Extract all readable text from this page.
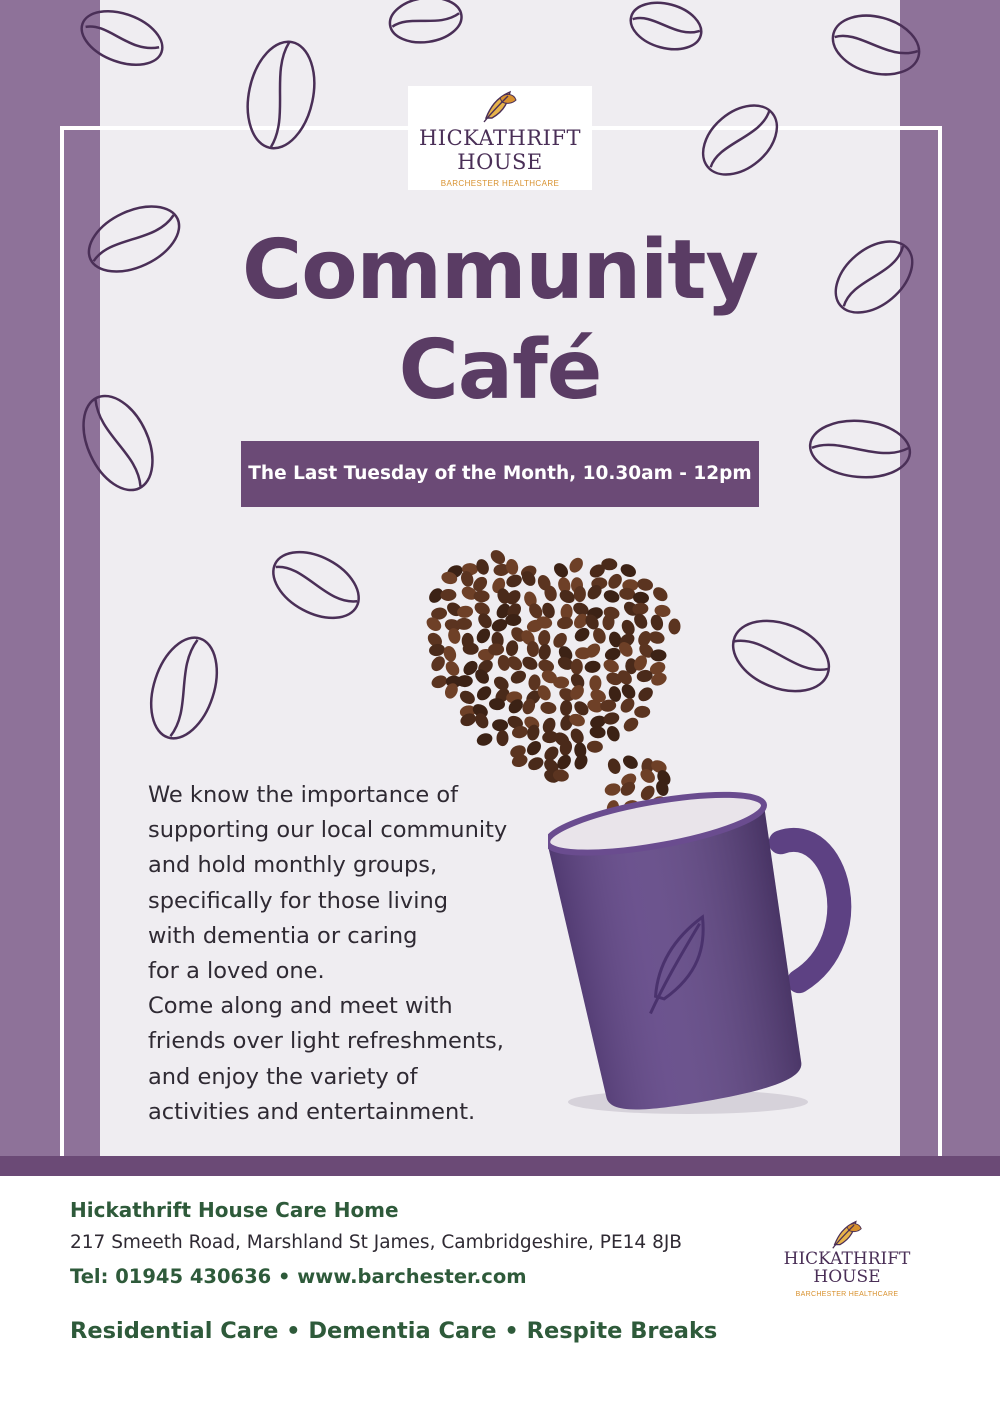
HICKATHRIFT
HOUSE
BARCHESTER HEALTHCARE
Community
Café
The Last Tuesday of the Month, 10.30am - 12pm
We know the importance of
supporting our local community
and hold monthly groups,
specifically for those living
with dementia or caring
for a loved one.
Come along and meet with
friends over light refreshments,
and enjoy the variety of
activities and entertainment.
Hickathrift House Care Home
217 Smeeth Road, Marshland St James, Cambridgeshire, PE14 8JB
Tel: 01945 430636 • www.barchester.com
Residential Care • Dementia Care • Respite Breaks
HICKATHRIFT
HOUSE
BARCHESTER HEALTHCARE
